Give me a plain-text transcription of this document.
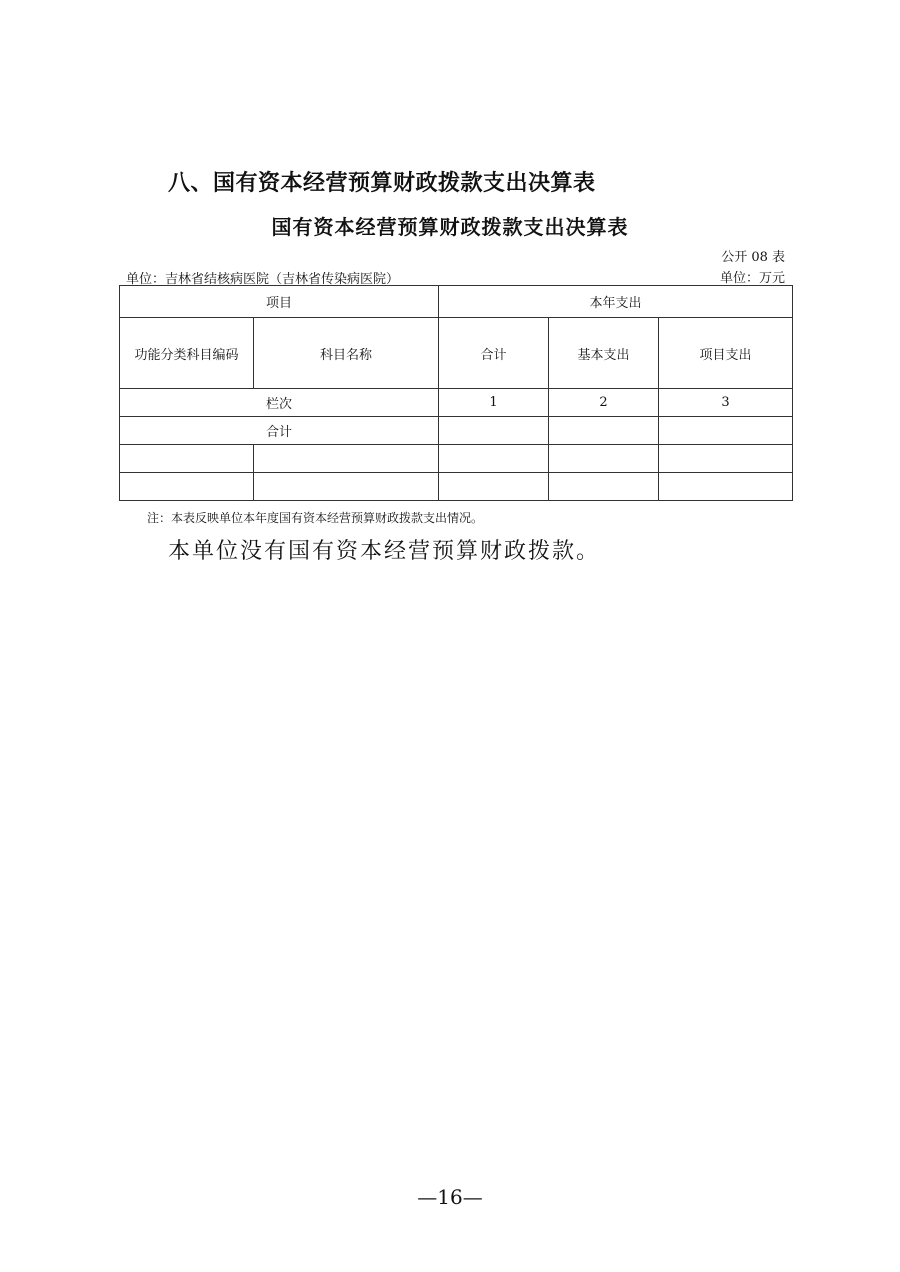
八、国有资本经营预算财政拨款支出决算表
国有资本经营预算财政拨款支出决算表
公开 08 表
单位：吉林省结核病医院（吉林省传染病医院）	单位：万元
项目		本年支出		
功能分类科目编码	科目名称	合计	基本支出	项目支出
栏次		1	2	3
合计				

注：本表反映单位本年度国有资本经营预算财政拨款支出情况。
本单位没有国有资本经营预算财政拨款。
—16—
